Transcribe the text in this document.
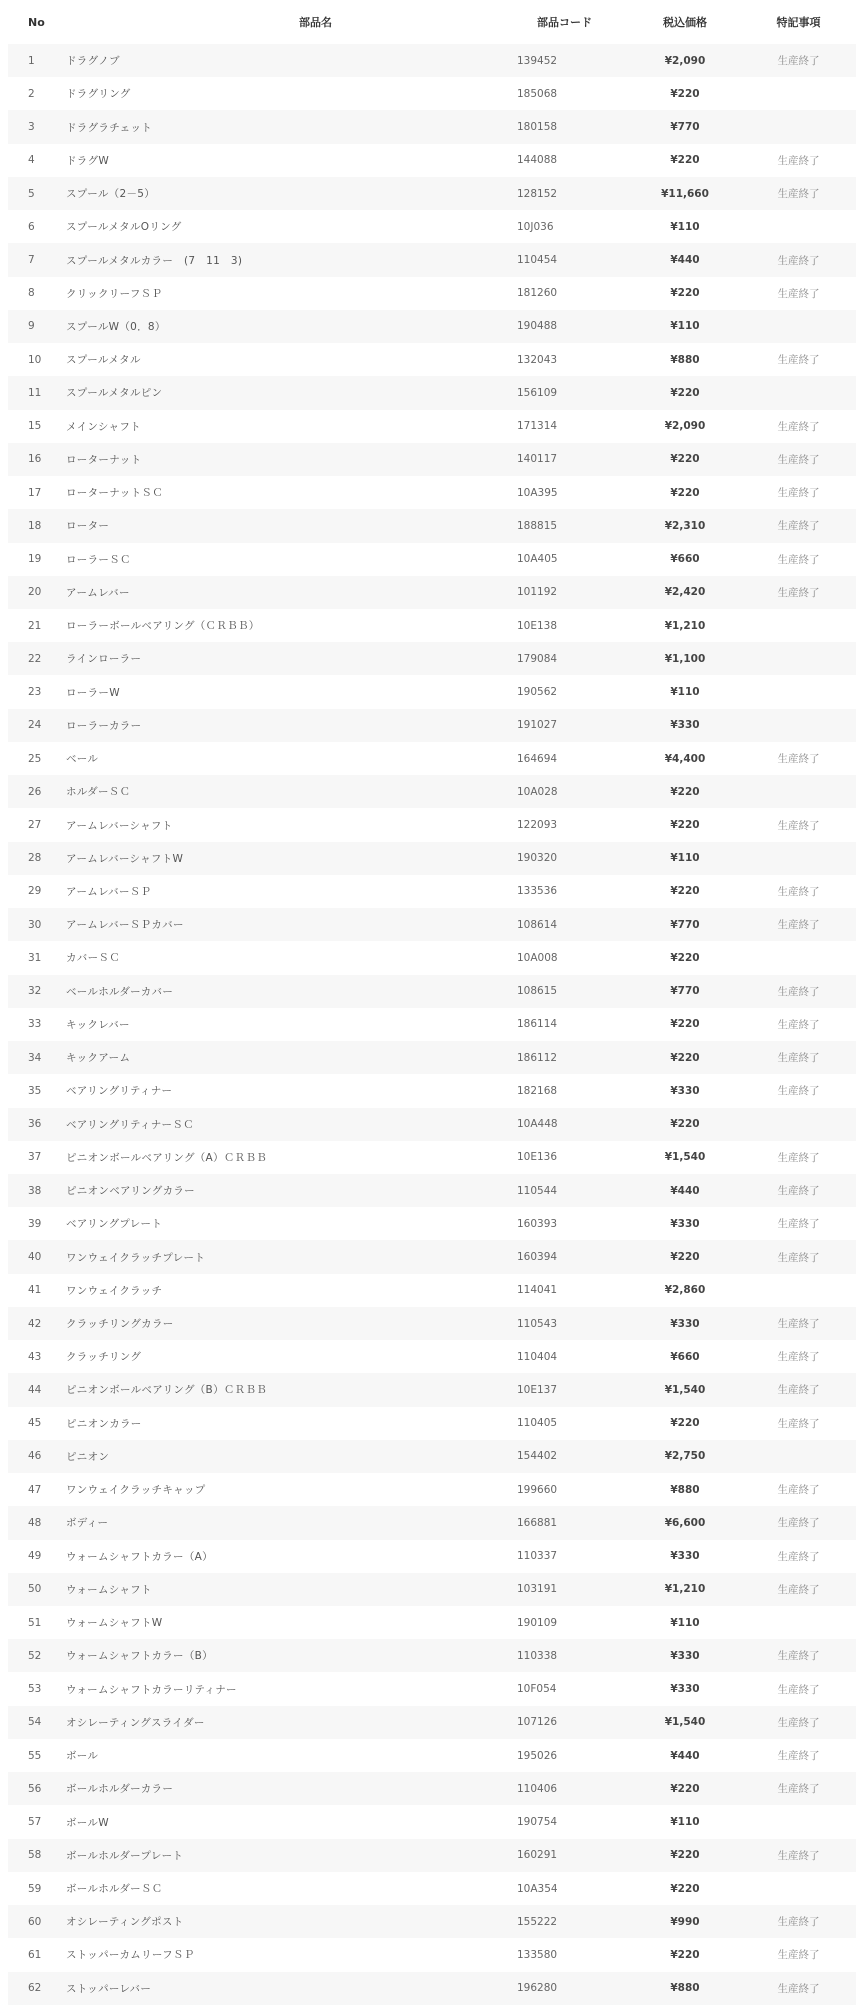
No	部品名	部品コード	税込価格	特記事項
1	ドラグノブ	139452	¥2,090	生産終了
2	ドラグリング	185068	¥220	
3	ドラグラチェット	180158	¥770	
4	ドラグW	144088	¥220	生産終了
5	スプール（2－5）	128152	¥11,660	生産終了
6	スプールメタルOリング	10J036	¥110	
7	スプールメタルカラー　(7　11　3)	110454	¥440	生産終了
8	クリックリーフＳＰ	181260	¥220	生産終了
9	スプールW（0．8）	190488	¥110	
10	スプールメタル	132043	¥880	生産終了
11	スプールメタルピン	156109	¥220	
15	メインシャフト	171314	¥2,090	生産終了
16	ローターナット	140117	¥220	生産終了
17	ローターナットＳＣ	10A395	¥220	生産終了
18	ローター	188815	¥2,310	生産終了
19	ローラーＳＣ	10A405	¥660	生産終了
20	アームレバー	101192	¥2,420	生産終了
21	ローラーボールベアリング（ＣＲＢＢ）	10E138	¥1,210	
22	ラインローラー	179084	¥1,100	
23	ローラーW	190562	¥110	
24	ローラーカラー	191027	¥330	
25	ベール	164694	¥4,400	生産終了
26	ホルダーＳＣ	10A028	¥220	
27	アームレバーシャフト	122093	¥220	生産終了
28	アームレバーシャフトW	190320	¥110	
29	アームレバーＳＰ	133536	¥220	生産終了
30	アームレバーＳＰカバー	108614	¥770	生産終了
31	カバーＳＣ	10A008	¥220	
32	ベールホルダーカバー	108615	¥770	生産終了
33	キックレバー	186114	¥220	生産終了
34	キックアーム	186112	¥220	生産終了
35	ベアリングリティナー	182168	¥330	生産終了
36	ベアリングリティナーＳＣ	10A448	¥220	
37	ピニオンボールベアリング（A）ＣＲＢＢ	10E136	¥1,540	生産終了
38	ピニオンベアリングカラー	110544	¥440	生産終了
39	ベアリングプレート	160393	¥330	生産終了
40	ワンウェイクラッチプレート	160394	¥220	生産終了
41	ワンウェイクラッチ	114041	¥2,860	
42	クラッチリングカラー	110543	¥330	生産終了
43	クラッチリング	110404	¥660	生産終了
44	ピニオンボールベアリング（B）ＣＲＢＢ	10E137	¥1,540	生産終了
45	ピニオンカラー	110405	¥220	生産終了
46	ピニオン	154402	¥2,750	
47	ワンウェイクラッチキャップ	199660	¥880	生産終了
48	ボディー	166881	¥6,600	生産終了
49	ウォームシャフトカラー（A）	110337	¥330	生産終了
50	ウォームシャフト	103191	¥1,210	生産終了
51	ウォームシャフトW	190109	¥110	
52	ウォームシャフトカラー（B）	110338	¥330	生産終了
53	ウォームシャフトカラーリティナー	10F054	¥330	生産終了
54	オシレーティングスライダー	107126	¥1,540	生産終了
55	ボール	195026	¥440	生産終了
56	ボールホルダーカラー	110406	¥220	生産終了
57	ボールW	190754	¥110	
58	ボールホルダープレート	160291	¥220	生産終了
59	ボールホルダーＳＣ	10A354	¥220	
60	オシレーティングポスト	155222	¥990	生産終了
61	ストッパーカムリーフＳＰ	133580	¥220	生産終了
62	ストッパーレバー	196280	¥880	生産終了
